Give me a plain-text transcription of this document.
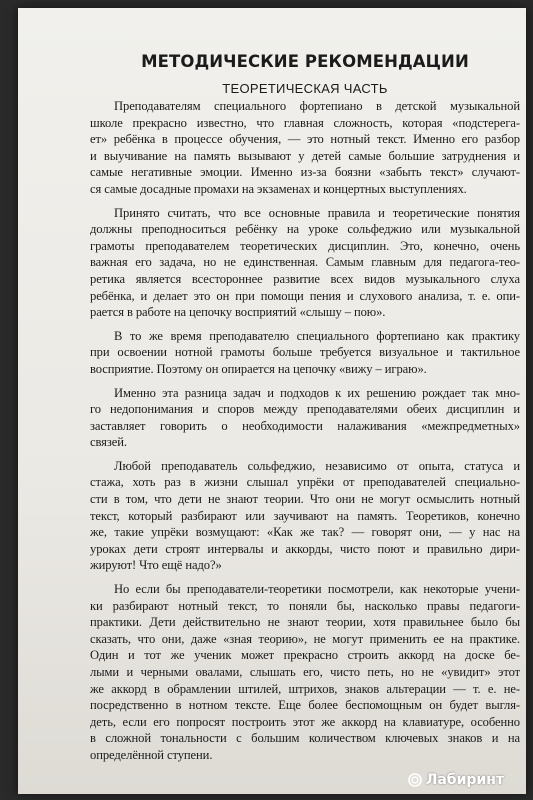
МЕТОДИЧЕСКИЕ РЕКОМЕНДАЦИИ
ТЕОРЕТИЧЕСКАЯ ЧАСТЬ
Преподавателям специального фортепиано в детской музыкальной
школе прекрасно известно, что главная сложность, которая «подстерега-
ет» ребёнка в процессе обучения, — это нотный текст. Именно его разбор
и выучивание на память вызывают у детей самые большие затруднения и
самые негативные эмоции. Именно из-за боязни «забыть текст» случают-
ся самые досадные промахи на экзаменах и концертных выступлениях.
Принято считать, что все основные правила и теоретические понятия
должны преподноситься ребёнку на уроке сольфеджио или музыкальной
грамоты преподавателем теоретических дисциплин. Это, конечно, очень
важная его задача, но не единственная. Самым главным для педагога-тео-
ретика является всестороннее развитие всех видов музыкального слуха
ребёнка, и делает это он при помощи пения и слухового анализа, т. е. опи-
рается в работе на цепочку восприятий «слышу – пою».
В то же время преподавателю специального фортепиано как практику
при освоении нотной грамоты больше требуется визуальное и тактильное
восприятие. Поэтому он опирается на цепочку «вижу – играю».
Именно эта разница задач и подходов к их решению рождает так мно-
го недопонимания и споров между преподавателями обеих дисциплин и
заставляет говорить о необходимости налаживания «межпредметных»
связей.
Любой преподаватель сольфеджио, независимо от опыта, статуса и
стажа, хоть раз в жизни слышал упрёки от преподавателей специально-
сти в том, что дети не знают теории. Что они не могут осмыслить нотный
текст, который разбирают или заучивают на память. Теоретиков, конечно
же, такие упрёки возмущают: «Как же так? — говорят они, — у нас на
уроках дети строят интервалы и аккорды, чисто поют и правильно дири-
жируют! Что ещё надо?»
Но если бы преподаватели-теоретики посмотрели, как некоторые учени-
ки разбирают нотный текст, то поняли бы, насколько правы педагоги-
практики. Дети действительно не знают теории, хотя правильнее было бы
сказать, что они, даже «зная теорию», не могут применить ее на практике.
Один и тот же ученик может прекрасно строить аккорд на доске бе-
лыми и черными овалами, слышать его, чисто петь, но не «увидит» этот
же аккорд в обрамлении штилей, штрихов, знаков альтерации — т. е. не-
посредственно в нотном тексте. Еще более беспомощным он будет выгля-
деть, если его попросят построить этот же аккорд на клавиатуре, особенно
в сложной тональности с большим количеством ключевых знаков и на
определённой ступени.
Лабиринт
